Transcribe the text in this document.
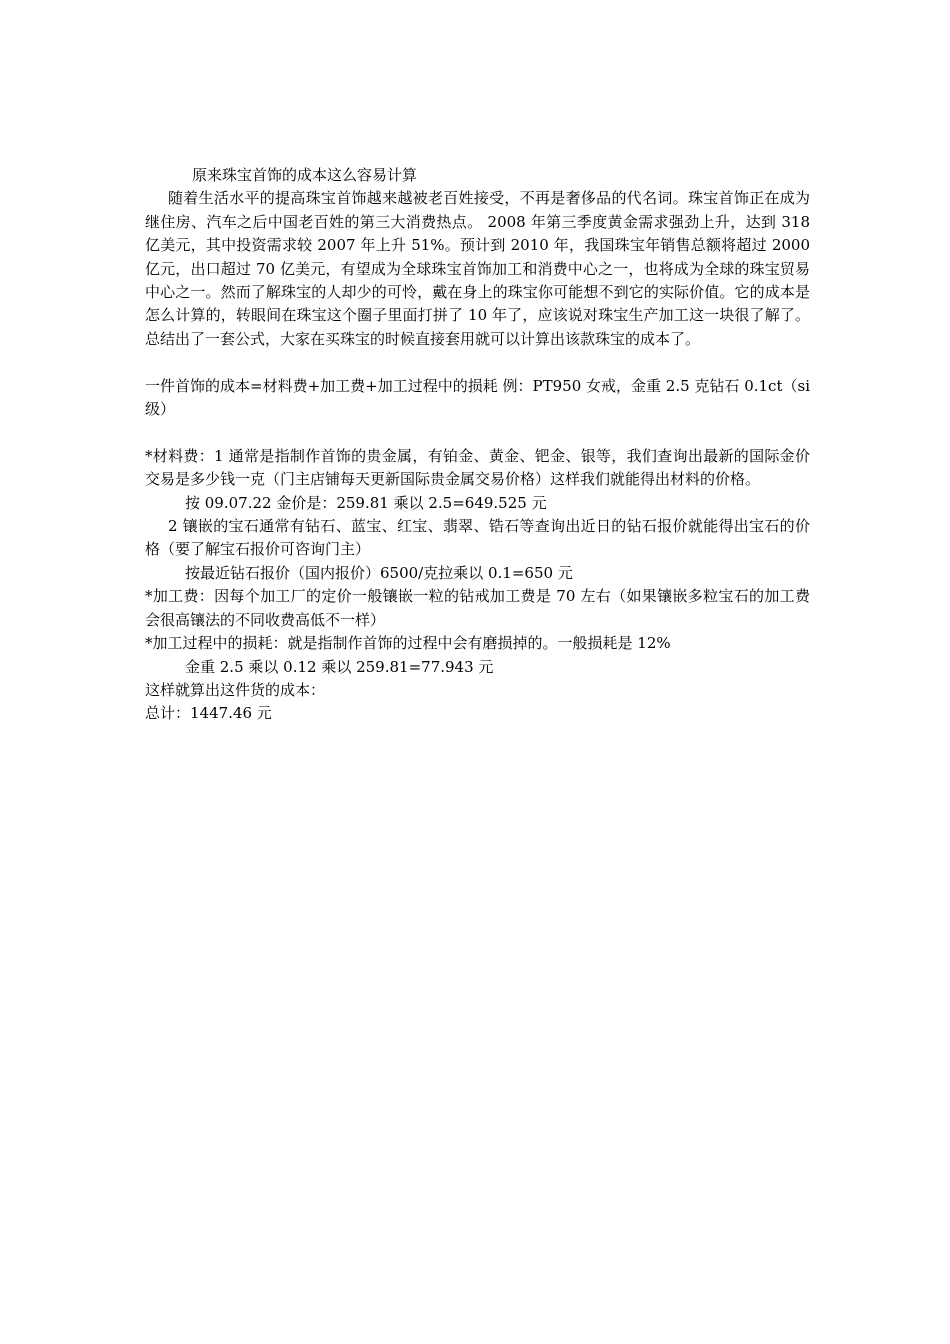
原来珠宝首饰的成本这么容易计算

随着生活水平的提高珠宝首饰越来越被老百姓接受，不再是奢侈品的代名词。珠宝首饰正在成为继住房、汽车之后中国老百姓的第三大消费热点。 2008 年第三季度黄金需求强劲上升，达到 318 亿美元，其中投资需求较 2007 年上升 51%。预计到 2010 年，我国珠宝年销售总额将超过 2000 亿元，出口超过 70 亿美元，有望成为全球珠宝首饰加工和消费中心之一，也将成为全球的珠宝贸易中心之一。然而了解珠宝的人却少的可怜，戴在身上的珠宝你可能想不到它的实际价值。它的成本是怎么计算的，转眼间在珠宝这个圈子里面打拼了 10 年了，应该说对珠宝生产加工这一块很了解了。总结出了一套公式，大家在买珠宝的时候直接套用就可以计算出该款珠宝的成本了。

一件首饰的成本=材料费+加工费+加工过程中的损耗 例：PT950 女戒，金重 2.5 克钻石 0.1ct（si 级）

*材料费：1 通常是指制作首饰的贵金属，有铂金、黄金、钯金、银等，我们查询出最新的国际金价交易是多少钱一克（门主店铺每天更新国际贵金属交易价格）这样我们就能得出材料的价格。

按 09.07.22 金价是：259.81 乘以 2.5=649.525 元

2 镶嵌的宝石通常有钻石、蓝宝、红宝、翡翠、锆石等查询出近日的钻石报价就能得出宝石的价格（要了解宝石报价可咨询门主）

按最近钻石报价（国内报价）6500/克拉乘以 0.1=650 元

*加工费：因每个加工厂的定价一般镶嵌一粒的钻戒加工费是 70 左右（如果镶嵌多粒宝石的加工费会很高镶法的不同收费高低不一样）

*加工过程中的损耗：就是指制作首饰的过程中会有磨损掉的。一般损耗是 12%

金重 2.5 乘以 0.12 乘以 259.81=77.943 元

这样就算出这件货的成本：

总计：1447.46 元
